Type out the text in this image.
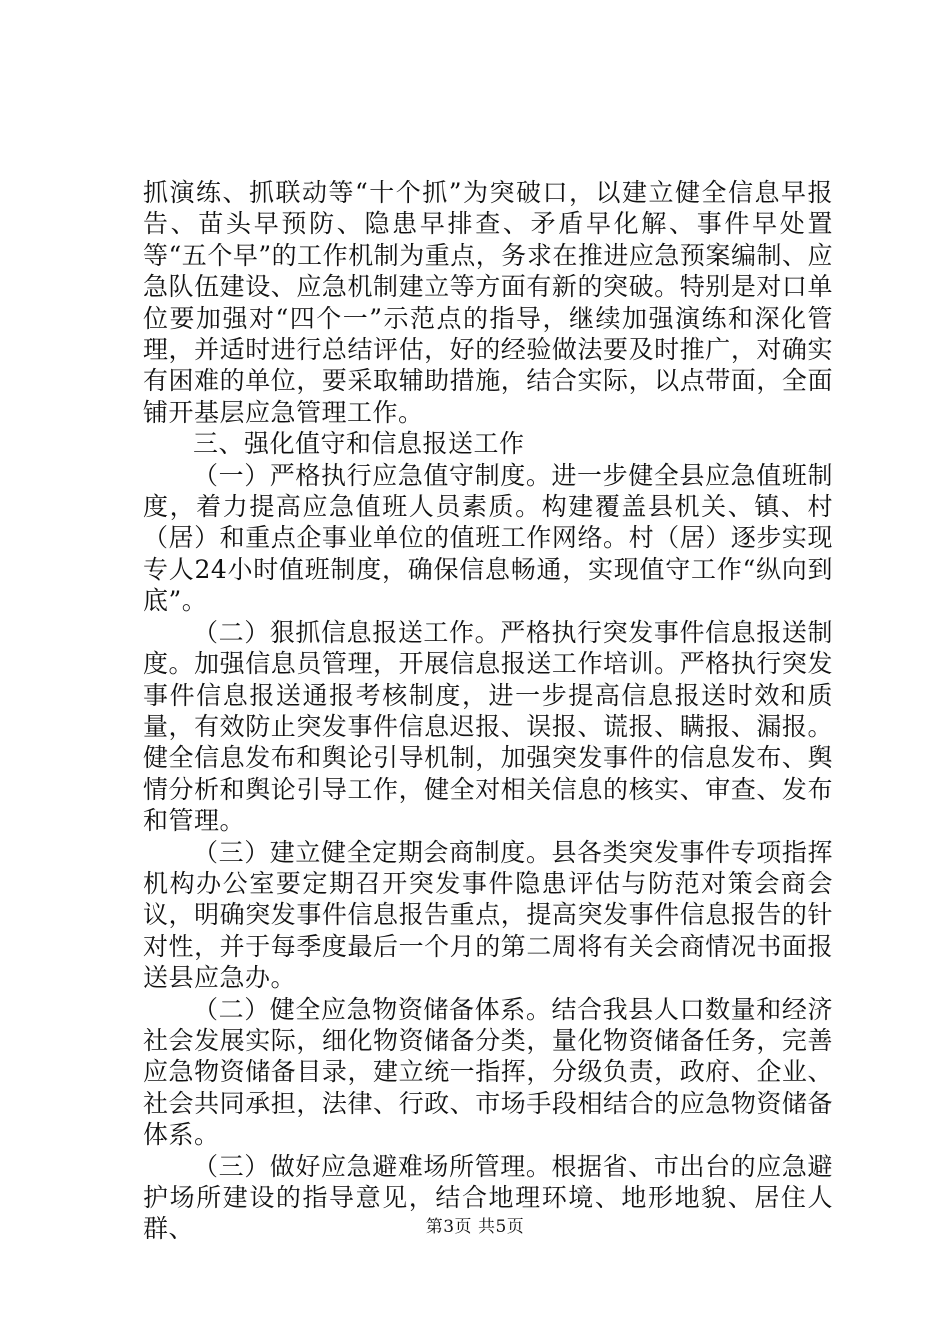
抓演练、抓联动等“十个抓”为突破口，以建立健全信息早报告、苗头早预防、隐患早排查、矛盾早化解、事件早处置等“五个早”的工作机制为重点，务求在推进应急预案编制、应急队伍建设、应急机制建立等方面有新的突破。特别是对口单位要加强对“四个一”示范点的指导，继续加强演练和深化管理，并适时进行总结评估，好的经验做法要及时推广，对确实有困难的单位，要采取辅助措施，结合实际，以点带面，全面铺开基层应急管理工作。

三、强化值守和信息报送工作

（一）严格执行应急值守制度。进一步健全县应急值班制度，着力提高应急值班人员素质。构建覆盖县机关、镇、村（居）和重点企事业单位的值班工作网络。村（居）逐步实现专人24小时值班制度，确保信息畅通，实现值守工作“纵向到底”。

（二）狠抓信息报送工作。严格执行突发事件信息报送制度。加强信息员管理，开展信息报送工作培训。严格执行突发事件信息报送通报考核制度，进一步提高信息报送时效和质量，有效防止突发事件信息迟报、误报、谎报、瞒报、漏报。健全信息发布和舆论引导机制，加强突发事件的信息发布、舆情分析和舆论引导工作，健全对相关信息的核实、审查、发布和管理。

（三）建立健全定期会商制度。县各类突发事件专项指挥机构办公室要定期召开突发事件隐患评估与防范对策会商会议，明确突发事件信息报告重点，提高突发事件信息报告的针对性，并于每季度最后一个月的第二周将有关会商情况书面报送县应急办。

（二）健全应急物资储备体系。结合我县人口数量和经济社会发展实际，细化物资储备分类，量化物资储备任务，完善应急物资储备目录，建立统一指挥，分级负责，政府、企业、社会共同承担，法律、行政、市场手段相结合的应急物资储备体系。

（三）做好应急避难场所管理。根据省、市出台的应急避护场所建设的指导意见，结合地理环境、地形地貌、居住人群、	第3页 共5页
